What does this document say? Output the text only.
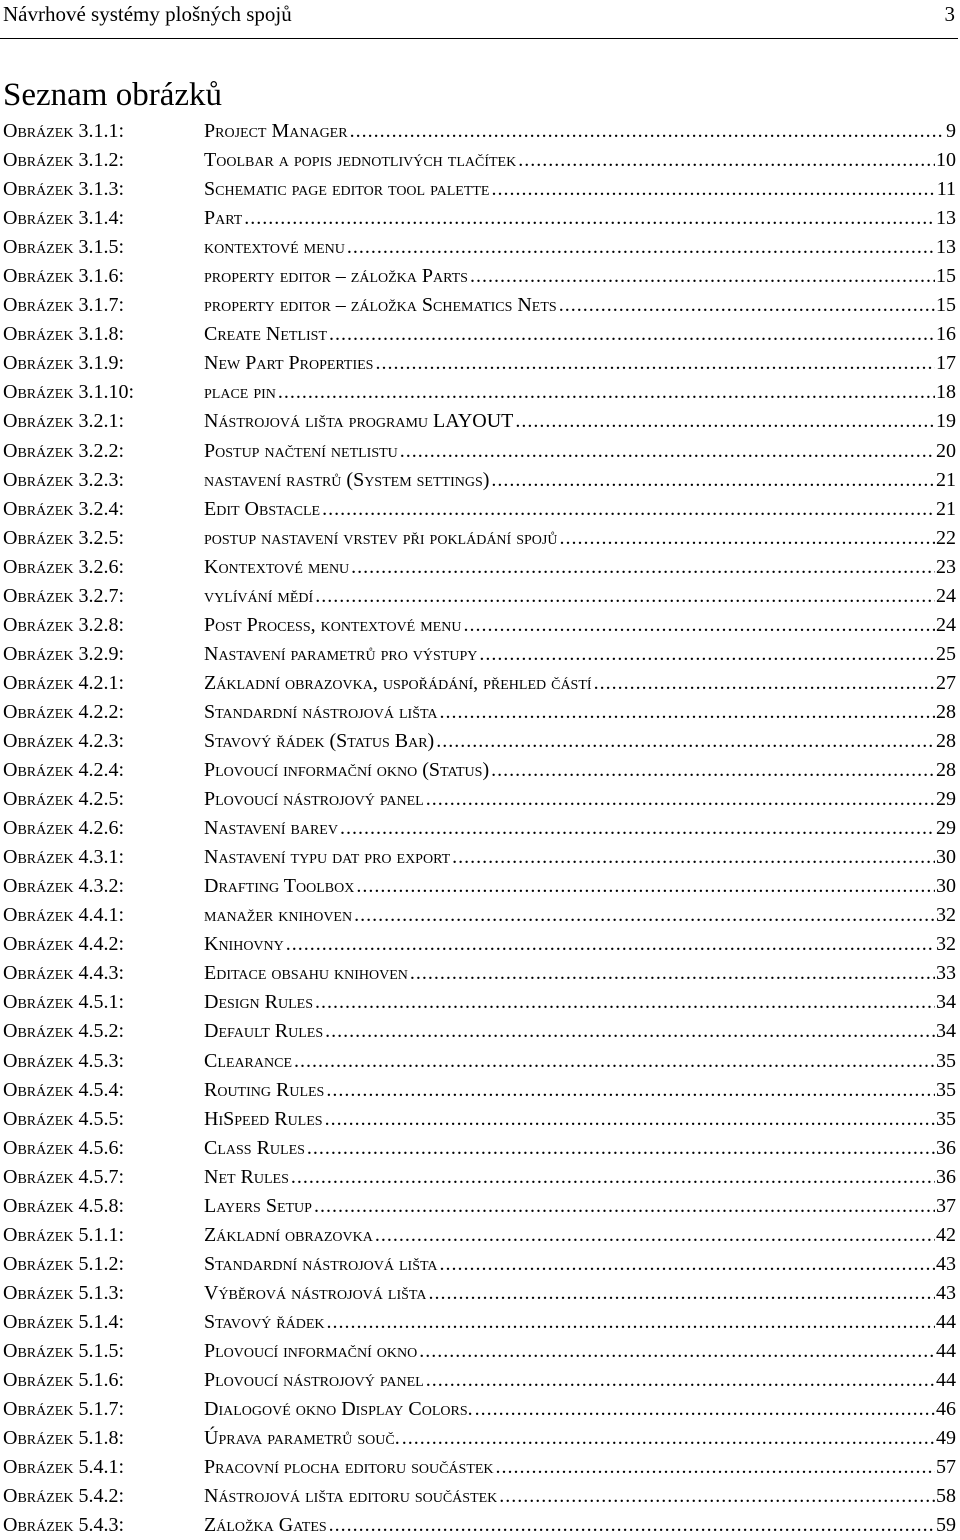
Návrhové systémy plošných spojů	3
Seznam obrázků
Obrázek 3.1.1:	Project Manager . . .	9
Obrázek 3.1.2:	Toolbar a popis jednotlivých tlačítek . . .	10
Obrázek 3.1.3:	Schematic page editor tool palette . . .	11
Obrázek 3.1.4:	Part . . .	13
Obrázek 3.1.5:	kontextové menu . . .	13
Obrázek 3.1.6:	property editor – záložka Parts . . .	15
Obrázek 3.1.7:	property editor – záložka Schematics Nets . . .	15
Obrázek 3.1.8:	Create Netlist . . .	16
Obrázek 3.1.9:	New Part Properties . . .	17
Obrázek 3.1.10:	place pin . . .	18
Obrázek 3.2.1:	Nástrojová lišta programu LAYOUT . . .	19
Obrázek 3.2.2:	Postup načtení netlistu . . .	20
Obrázek 3.2.3:	nastavení rastrů (System settings) . . .	21
Obrázek 3.2.4:	Edit Obstacle . . .	21
Obrázek 3.2.5:	postup nastavení vrstev při pokládání spojů . . .	22
Obrázek 3.2.6:	Kontextové menu . . .	23
Obrázek 3.2.7:	vylívání mědí . . .	24
Obrázek 3.2.8:	Post Process, kontextové menu . . .	24
Obrázek 3.2.9:	Nastavení parametrů pro výstupy . . .	25
Obrázek 4.2.1:	Základní obrazovka, uspořádání, přehled částí . . .	27
Obrázek 4.2.2:	Standardní nástrojová lišta . . .	28
Obrázek 4.2.3:	Stavový řádek (Status Bar) . . .	28
Obrázek 4.2.4:	Plovoucí informační okno (Status) . . .	28
Obrázek 4.2.5:	Plovoucí nástrojový panel . . .	29
Obrázek 4.2.6:	Nastavení barev . . .	29
Obrázek 4.3.1:	Nastavení typu dat pro export . . .	30
Obrázek 4.3.2:	Drafting Toolbox . . .	30
Obrázek 4.4.1:	manažer knihoven . . .	32
Obrázek 4.4.2:	Knihovny . . .	32
Obrázek 4.4.3:	Editace obsahu knihoven . . .	33
Obrázek 4.5.1:	Design Rules . . .	34
Obrázek 4.5.2:	Default Rules . . .	34
Obrázek 4.5.3:	Clearance . . .	35
Obrázek 4.5.4:	Routing Rules . . .	35
Obrázek 4.5.5:	HiSpeed Rules . . .	35
Obrázek 4.5.6:	Class Rules . . .	36
Obrázek 4.5.7:	Net Rules . . .	36
Obrázek 4.5.8:	Layers Setup . . .	37
Obrázek 5.1.1:	Základní obrazovka . . .	42
Obrázek 5.1.2:	Standardní nástrojová lišta . . .	43
Obrázek 5.1.3:	Výběrová nástrojová lišta . . .	43
Obrázek 5.1.4:	Stavový řádek . . .	44
Obrázek 5.1.5:	Plovoucí informační okno . . .	44
Obrázek 5.1.6:	Plovoucí nástrojový panel . . .	44
Obrázek 5.1.7:	Dialogové okno Display Colors. . . .	46
Obrázek 5.1.8:	Úprava parametrů souč. . . .	49
Obrázek 5.4.1:	Pracovní plocha editoru součástek . . .	57
Obrázek 5.4.2:	Nástrojová lišta editoru součástek . . .	58
Obrázek 5.4.3:	Záložka Gates . . .	59
